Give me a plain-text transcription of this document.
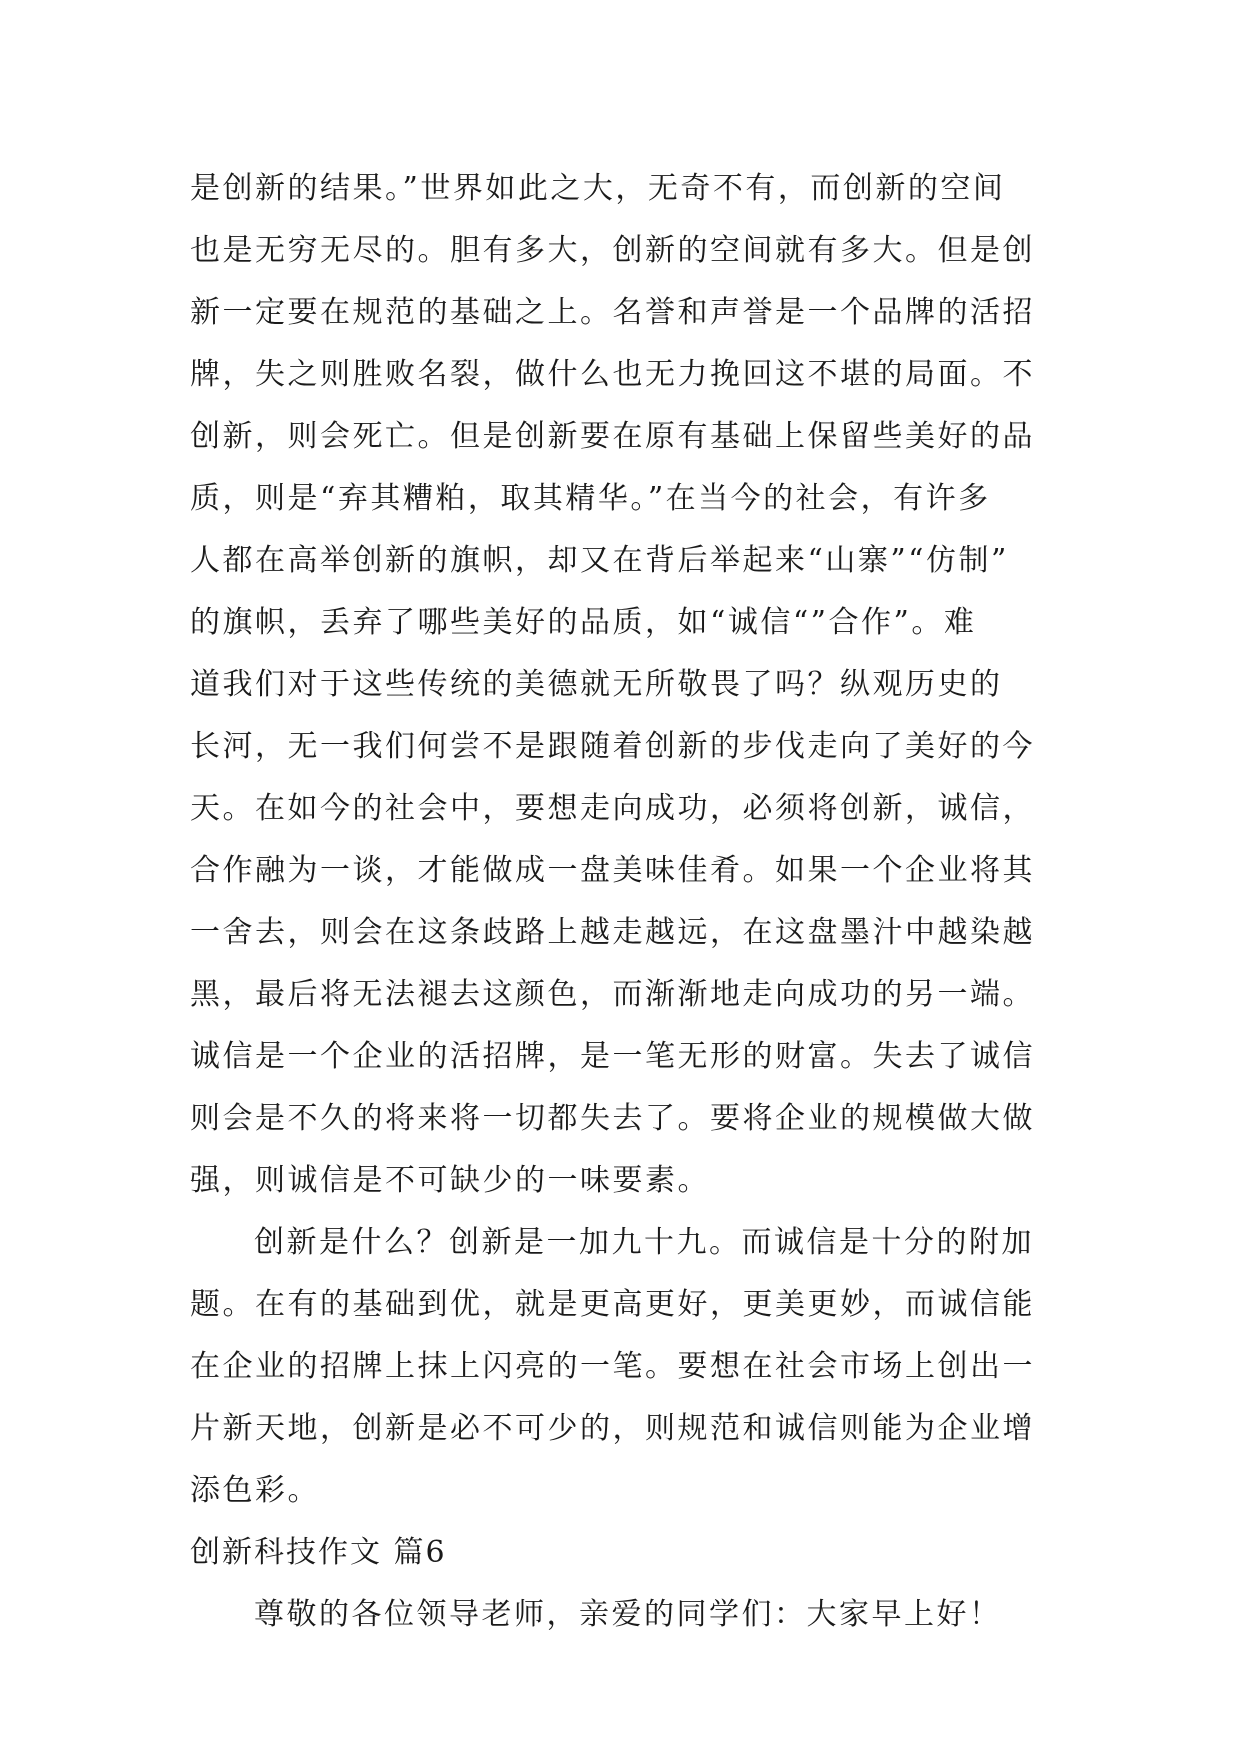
是创新的结果。”世界如此之大，无奇不有，而创新的空间
也是无穷无尽的。胆有多大，创新的空间就有多大。但是创
新一定要在规范的基础之上。名誉和声誉是一个品牌的活招
牌，失之则胜败名裂，做什么也无力挽回这不堪的局面。不
创新，则会死亡。但是创新要在原有基础上保留些美好的品
质，则是“弃其糟粕，取其精华。”在当今的社会，有许多
人都在高举创新的旗帜，却又在背后举起来“山寨”“仿制”
的旗帜，丢弃了哪些美好的品质，如“诚信“”合作”。难
道我们对于这些传统的美德就无所敬畏了吗？纵观历史的
长河，无一我们何尝不是跟随着创新的步伐走向了美好的今
天。在如今的社会中，要想走向成功，必须将创新，诚信，
合作融为一谈，才能做成一盘美味佳肴。如果一个企业将其
一舍去，则会在这条歧路上越走越远，在这盘墨汁中越染越
黑，最后将无法褪去这颜色，而渐渐地走向成功的另一端。
诚信是一个企业的活招牌，是一笔无形的财富。失去了诚信
则会是不久的将来将一切都失去了。要将企业的规模做大做
强，则诚信是不可缺少的一味要素。

创新是什么？创新是一加九十九。而诚信是十分的附加
题。在有的基础到优，就是更高更好，更美更妙，而诚信能
在企业的招牌上抹上闪亮的一笔。要想在社会市场上创出一
片新天地，创新是必不可少的，则规范和诚信则能为企业增
添色彩。

创新科技作文 篇6

尊敬的各位领导老师，亲爱的同学们：大家早上好！
